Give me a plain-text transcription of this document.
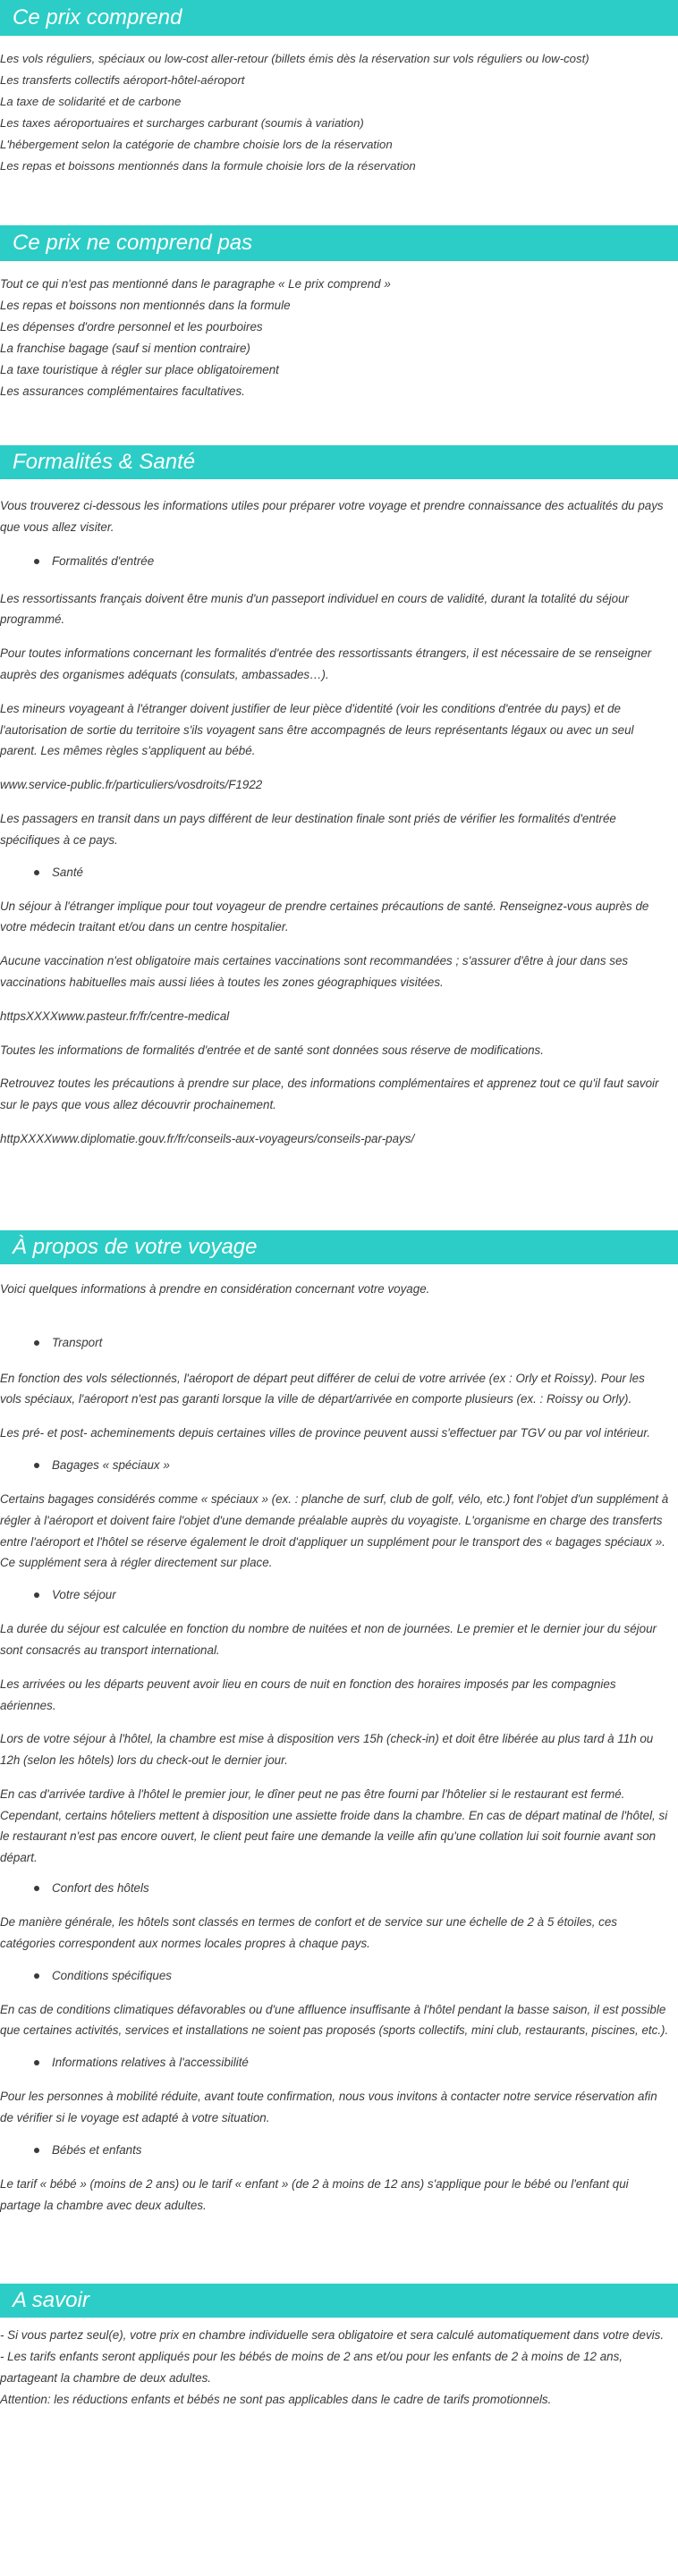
Ce prix comprend
Les vols réguliers, spéciaux ou low-cost aller-retour (billets émis dès la réservation sur vols réguliers ou low-cost)
Les transferts collectifs aéroport-hôtel-aéroport
La taxe de solidarité et de carbone
Les taxes aéroportuaires et surcharges carburant (soumis à variation)
L'hébergement selon la catégorie de chambre choisie lors de la réservation
Les repas et boissons mentionnés dans la formule choisie lors de la réservation
Ce prix ne comprend pas
Tout ce qui n'est pas mentionné dans le paragraphe « Le prix comprend »
Les repas et boissons non mentionnés dans la formule
Les dépenses d'ordre personnel et les pourboires
La franchise bagage (sauf si mention contraire)
La taxe touristique à régler sur place obligatoirement
Les assurances complémentaires facultatives.
Formalités & Santé

Vous trouverez ci-dessous les informations utiles pour préparer votre voyage et prendre connaissance des actualités du pays que vous allez visiter.

Formalités d'entrée

Les ressortissants français doivent être munis d'un passeport individuel en cours de validité, durant la totalité du séjour programmé.

Pour toutes informations concernant les formalités d'entrée des ressortissants étrangers, il est nécessaire de se renseigner auprès des organismes adéquats (consulats, ambassades…).

Les mineurs voyageant à l'étranger doivent justifier de leur pièce d'identité (voir les conditions d'entrée du pays) et de l'autorisation de sortie du territoire s'ils voyagent sans être accompagnés de leurs représentants légaux ou avec un seul parent. Les mêmes règles s'appliquent au bébé.

www.service-public.fr/particuliers/vosdroits/F1922

Les passagers en transit dans un pays différent de leur destination finale sont priés de vérifier les formalités d'entrée spécifiques à ce pays.

Santé

Un séjour à l'étranger implique pour tout voyageur de prendre certaines précautions de santé. Renseignez-vous auprès de votre médecin traitant et/ou dans un centre hospitalier.

Aucune vaccination n'est obligatoire mais certaines vaccinations sont recommandées ; s'assurer d'être à jour dans ses vaccinations habituelles mais aussi liées à toutes les zones géographiques visitées.

httpsXXXXwww.pasteur.fr/fr/centre-medical

Toutes les informations de formalités d'entrée et de santé sont données sous réserve de modifications.

Retrouvez toutes les précautions à prendre sur place, des informations complémentaires et apprenez tout ce qu'il faut savoir sur le pays que vous allez découvrir prochainement.

httpXXXXwww.diplomatie.gouv.fr/fr/conseils-aux-voyageurs/conseils-par-pays/

À propos de votre voyage

Voici quelques informations à prendre en considération concernant votre voyage.

Transport

En fonction des vols sélectionnés, l'aéroport de départ peut différer de celui de votre arrivée (ex : Orly et Roissy). Pour les vols spéciaux, l'aéroport n'est pas garanti lorsque la ville de départ/arrivée en comporte plusieurs (ex. : Roissy ou Orly).

Les pré- et post- acheminements depuis certaines villes de province peuvent aussi s'effectuer par TGV ou par vol intérieur.

Bagages « spéciaux »

Certains bagages considérés comme « spéciaux » (ex. : planche de surf, club de golf, vélo, etc.) font l'objet d'un supplément à régler à l'aéroport et doivent faire l'objet d'une demande préalable auprès du voyagiste. L'organisme en charge des transferts entre l'aéroport et l'hôtel se réserve également le droit d'appliquer un supplément pour le transport des « bagages spéciaux ». Ce supplément sera à régler directement sur place.

Votre séjour

La durée du séjour est calculée en fonction du nombre de nuitées et non de journées. Le premier et le dernier jour du séjour sont consacrés au transport international.

Les arrivées ou les départs peuvent avoir lieu en cours de nuit en fonction des horaires imposés par les compagnies aériennes.

Lors de votre séjour à l'hôtel, la chambre est mise à disposition vers 15h (check-in) et doit être libérée au plus tard à 11h ou 12h (selon les hôtels) lors du check-out le dernier jour.

En cas d'arrivée tardive à l'hôtel le premier jour, le dîner peut ne pas être fourni par l'hôtelier si le restaurant est fermé. Cependant, certains hôteliers mettent à disposition une assiette froide dans la chambre. En cas de départ matinal de l'hôtel, si le restaurant n'est pas encore ouvert, le client peut faire une demande la veille afin qu'une collation lui soit fournie avant son départ.

Confort des hôtels

De manière générale, les hôtels sont classés en termes de confort et de service sur une échelle de 2 à 5 étoiles, ces catégories correspondent aux normes locales propres à chaque pays.

Conditions spécifiques

En cas de conditions climatiques défavorables ou d'une affluence insuffisante à l'hôtel pendant la basse saison, il est possible que certaines activités, services et installations ne soient pas proposés (sports collectifs, mini club, restaurants, piscines, etc.).

Informations relatives à l'accessibilité

Pour les personnes à mobilité réduite, avant toute confirmation, nous vous invitons à contacter notre service réservation afin de vérifier si le voyage est adapté à votre situation.

Bébés et enfants

Le tarif « bébé » (moins de 2 ans) ou le tarif « enfant » (de 2 à moins de 12 ans) s'applique pour le bébé ou l'enfant qui partage la chambre avec deux adultes.

A savoir

- Si vous partez seul(e), votre prix en chambre individuelle sera obligatoire et sera calculé automatiquement dans votre devis.

- Les tarifs enfants seront appliqués pour les bébés de moins de 2 ans et/ou pour les enfants de 2 à moins de 12 ans, partageant la chambre de deux adultes.

Attention: les réductions enfants et bébés ne sont pas applicables dans le cadre de tarifs promotionnels.
